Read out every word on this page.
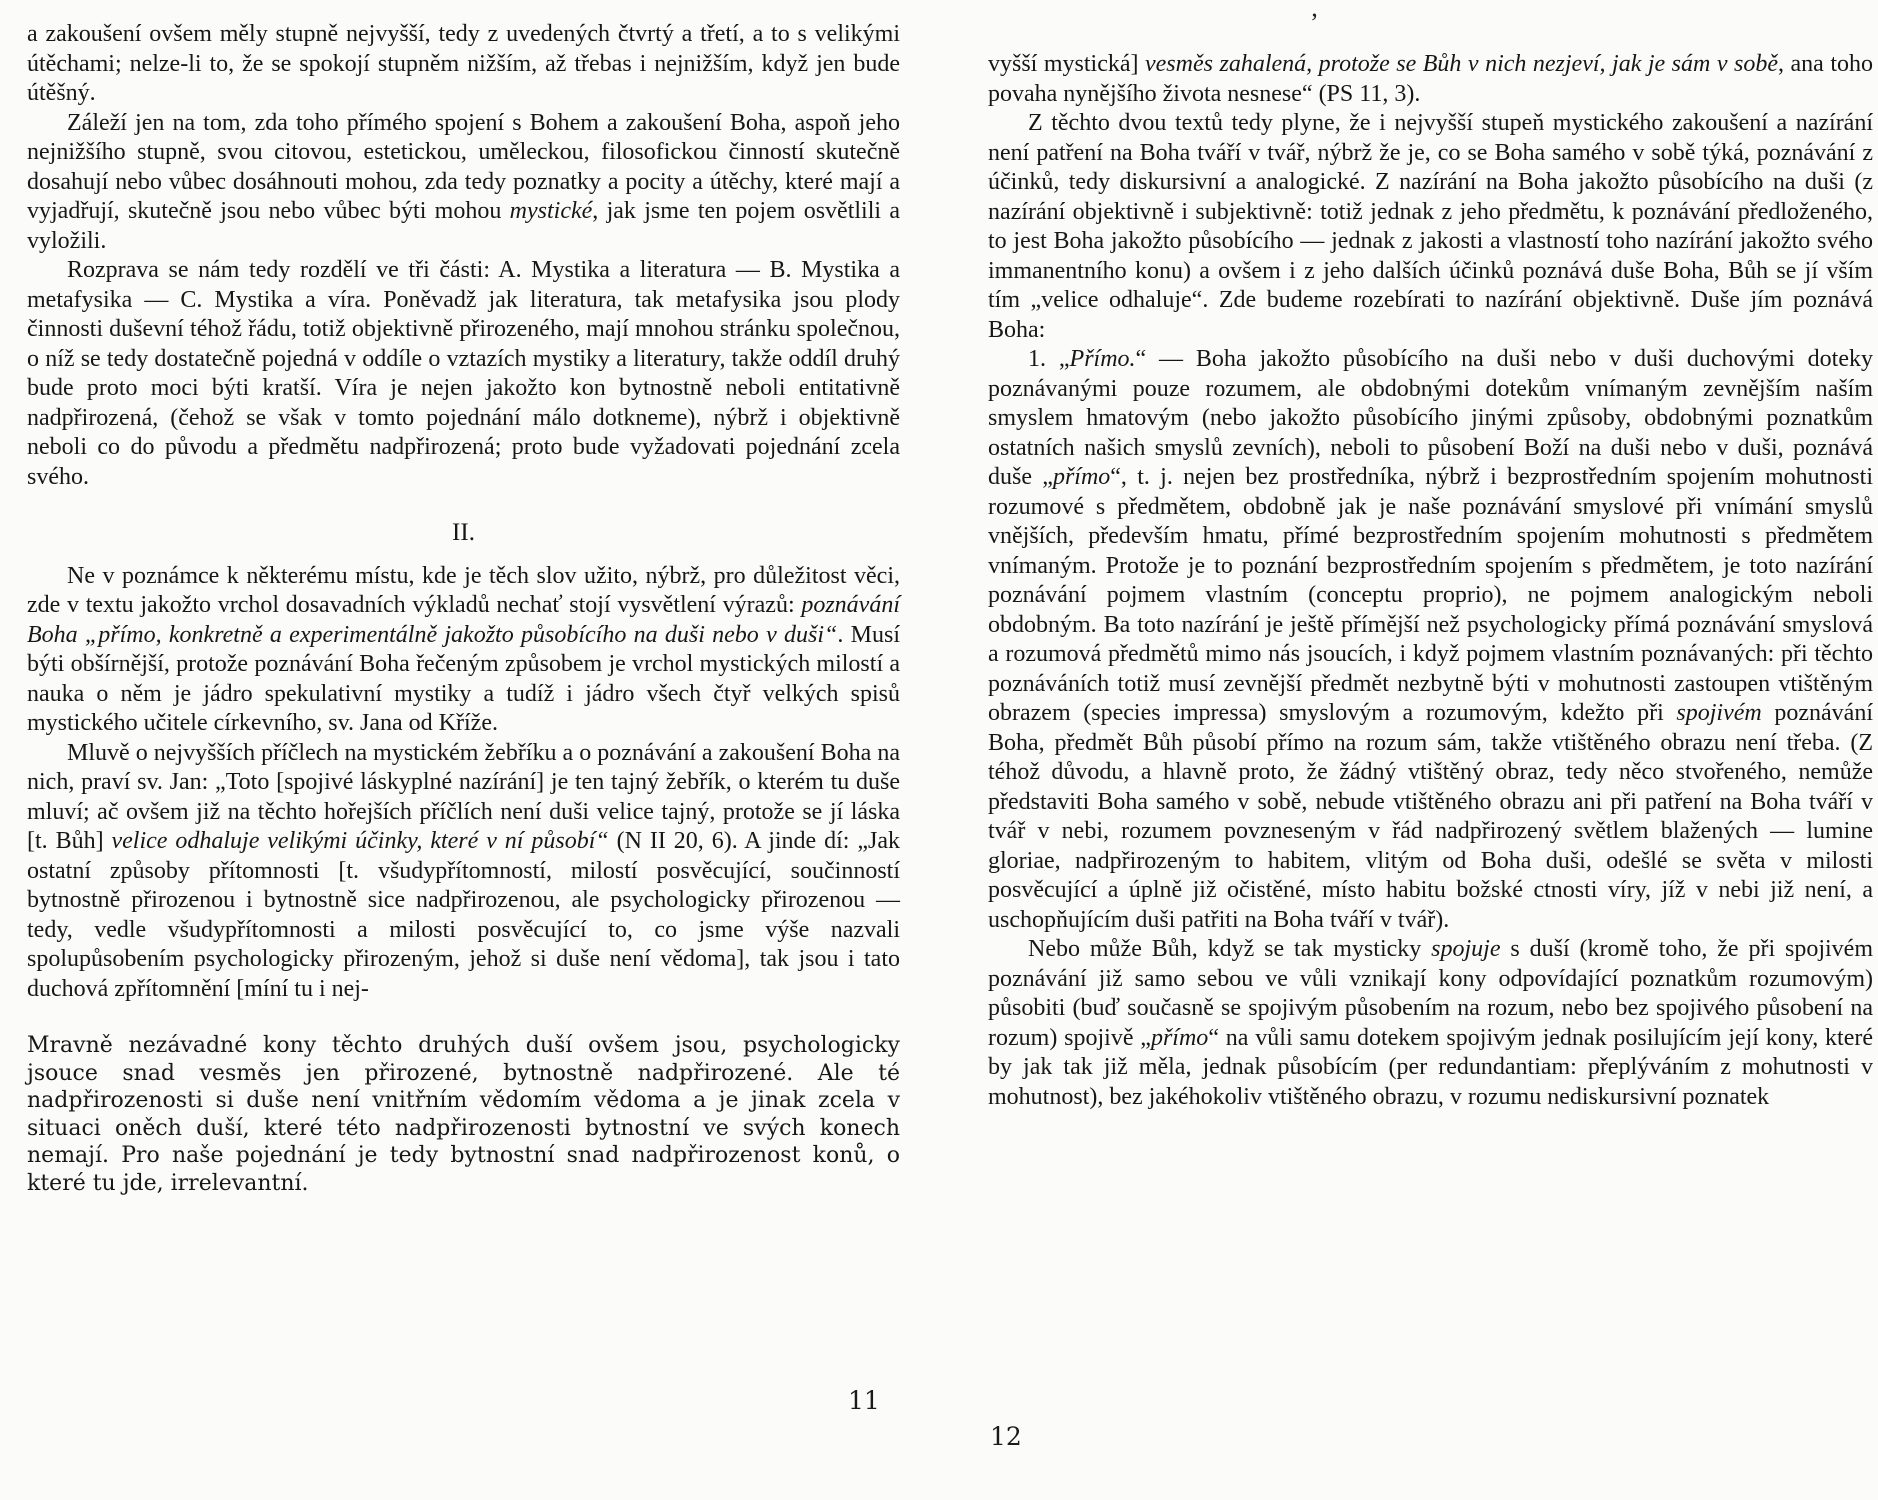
’

a zakoušení ovšem měly stupně nejvyšší, tedy z uvedených čtvrtý a třetí, a to s velikými útěchami; nelze-li to, že se spokojí stupněm nižším, až třebas i nejnižším, když jen bude útěšný.

Záleží jen na tom, zda toho přímého spojení s Bohem a zakoušení Boha, aspoň jeho nejnižšího stupně, svou citovou, estetickou, uměleckou, filosofickou činností skutečně dosahují nebo vůbec dosáhnouti mohou, zda tedy poznatky a pocity a útěchy, které mají a vyjadřují, skutečně jsou nebo vůbec býti mohou mystické, jak jsme ten pojem osvětlili a vyložili.

Rozprava se nám tedy rozdělí ve tři části: A. Mystika a literatura — B. Mystika a metafysika — C. Mystika a víra. Poněvadž jak literatura, tak metafysika jsou plody činnosti duševní téhož řádu, totiž objektivně přirozeného, mají mnohou stránku společnou, o níž se tedy dostatečně pojedná v oddíle o vztazích mystiky a literatury, takže oddíl druhý bude proto moci býti kratší. Víra je nejen jakožto kon bytnostně neboli entitativně nadpřirozená, (čehož se však v tomto pojednání málo dotkneme), nýbrž i objektivně neboli co do původu a předmětu nadpřirozená; proto bude vyžadovati pojednání zcela svého.

II.

Ne v poznámce k některému místu, kde je těch slov užito, nýbrž, pro důležitost věci, zde v textu jakožto vrchol dosavadních výkladů nechať stojí vysvětlení výrazů: poznávání Boha „přímo, konkretně a experimentálně jakožto působícího na duši nebo v duši“. Musí býti obšírnější, protože poznávání Boha řečeným způsobem je vrchol mystických milostí a nauka o něm je jádro spekulativní mystiky a tudíž i jádro všech čtyř velkých spisů mystického učitele církevního, sv. Jana od Kříže.

Mluvě o nejvyšších příčlech na mystickém žebříku a o poznávání a zakoušení Boha na nich, praví sv. Jan: „Toto [spojivé láskyplné nazírání] je ten tajný žebřík, o kterém tu duše mluví; ač ovšem již na těchto hořejších příčlích není duši velice tajný, protože se jí láska [t. Bůh] velice odhaluje velikými účinky, které v ní působí“ (N II 20, 6). A jinde dí: „Jak ostatní způsoby přítomnosti [t. všudypřítomností, milostí posvěcující, součinností bytnostně přirozenou i bytnostně sice nadpřirozenou, ale psychologicky přirozenou — tedy, vedle všudypřítomnosti a milosti posvěcující to, co jsme výše nazvali spolupůsobením psychologicky přirozeným, jehož si duše není vědoma], tak jsou i tato duchová zpřítomnění [míní tu i nej-

Mravně nezávadné kony těchto druhých duší ovšem jsou, psychologicky jsouce snad vesměs jen přirozené, bytnostně nadpřirozené. Ale té nadpřirozenosti si duše není vnitřním vědomím vědoma a je jinak zcela v situaci oněch duší, které této nadpřirozenosti bytnostní ve svých konech nemají. Pro naše pojednání je tedy bytnostní snad nadpřirozenost konů, o které tu jde, irrelevantní.

vyšší mystická] vesměs zahalená, protože se Bůh v nich nezjeví, jak je sám v sobě, ana toho povaha nynějšího života nesnese“ (PS 11, 3).

Z těchto dvou textů tedy plyne, že i nejvyšší stupeň mystického zakoušení a nazírání není patření na Boha tváří v tvář, nýbrž že je, co se Boha samého v sobě týká, poznávání z účinků, tedy diskursivní a analogické. Z nazírání na Boha jakožto působícího na duši (z nazírání objektivně i subjektivně: totiž jednak z jeho předmětu, k poznávání předloženého, to jest Boha jakožto působícího — jednak z jakosti a vlastností toho nazírání jakožto svého immanentního konu) a ovšem i z jeho dalších účinků poznává duše Boha, Bůh se jí vším tím „velice odhaluje“. Zde budeme rozebírati to nazírání objektivně. Duše jím poznává Boha:

1. „Přímo.“ — Boha jakožto působícího na duši nebo v duši duchovými doteky poznávanými pouze rozumem, ale obdobnými dotekům vnímaným zevnějším naším smyslem hmatovým (nebo jakožto působícího jinými způsoby, obdobnými poznatkům ostatních našich smyslů zevních), neboli to působení Boží na duši nebo v duši, poznává duše „přímo“, t. j. nejen bez prostředníka, nýbrž i bezprostředním spojením mohutnosti rozumové s předmětem, obdobně jak je naše poznávání smyslové při vnímání smyslů vnějších, především hmatu, přímé bezprostředním spojením mohutnosti s předmětem vnímaným. Protože je to poznání bezprostředním spojením s předmětem, je toto nazírání poznávání pojmem vlastním (conceptu proprio), ne pojmem analogickým neboli obdobným. Ba toto nazírání je ještě přímější než psychologicky přímá poznávání smyslová a rozumová předmětů mimo nás jsoucích, i když pojmem vlastním poznávaných: při těchto poznáváních totiž musí zevnější předmět nezbytně býti v mohutnosti zastoupen vtištěným obrazem (species impressa) smyslovým a rozumovým, kdežto při spojivém poznávání Boha, předmět Bůh působí přímo na rozum sám, takže vtištěného obrazu není třeba. (Z téhož důvodu, a hlavně proto, že žádný vtištěný obraz, tedy něco stvořeného, nemůže představiti Boha samého v sobě, nebude vtištěného obrazu ani při patření na Boha tváří v tvář v nebi, rozumem povzneseným v řád nadpřirozený světlem blažených — lumine gloriae, nadpřirozeným to habitem, vlitým od Boha duši, odešlé se světa v milosti posvěcující a úplně již očistěné, místo habitu božské ctnosti víry, jíž v nebi již není, a uschopňujícím duši patřiti na Boha tváří v tvář).

Nebo může Bůh, když se tak mysticky spojuje s duší (kromě toho, že při spojivém poznávání již samo sebou ve vůli vznikají kony odpovídající poznatkům rozumovým) působiti (buď současně se spojivým působením na rozum, nebo bez spojivého působení na rozum) spojivě „přímo“ na vůli samu dotekem spojivým jednak posilujícím její kony, které by jak tak již měla, jednak působícím (per redundantiam: přeplýváním z mohutnosti v mohutnost), bez jakéhokoliv vtištěného obrazu, v rozumu nediskursivní poznatek

11
12
